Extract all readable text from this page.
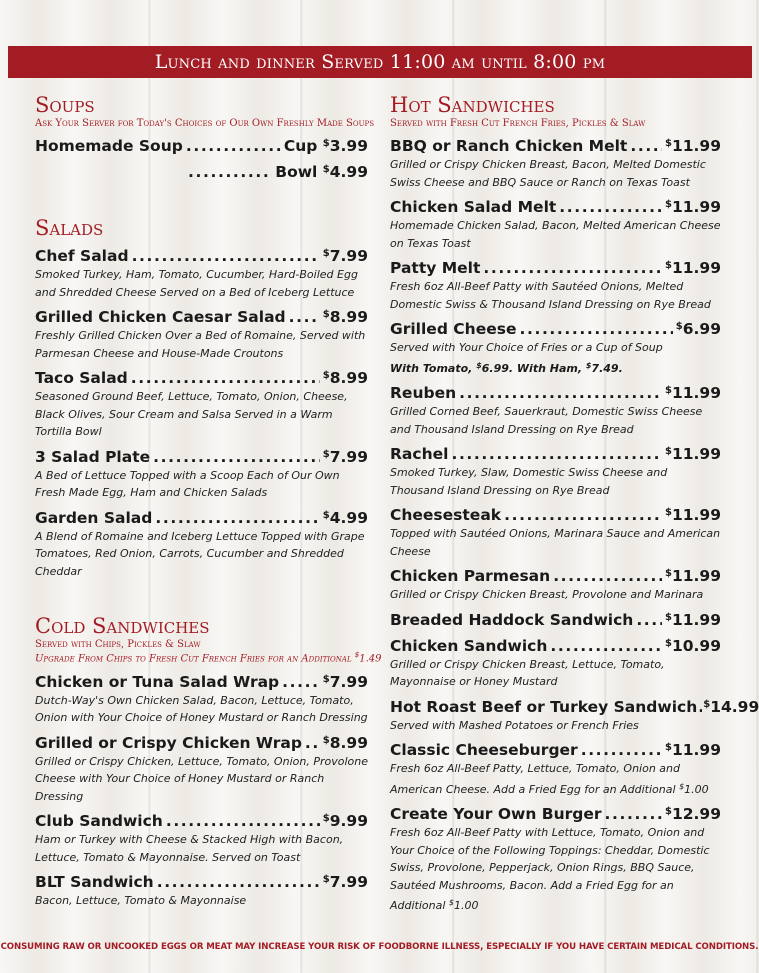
Lunch and dinner Served 11:00 am until 8:00 pm
Soups
Ask Your Server for Today's Choices of Our Own Freshly Made Soups
Homemade Soup .....	Cup $3.99
.....
Bowl $4.99
Salads
Chef Salad .....	$7.99
Smoked Turkey, Ham, Tomato, Cucumber, Hard-Boiled Egg and Shredded Cheese Served on a Bed of Iceberg Lettuce
Grilled Chicken Caesar Salad .....	$8.99
Freshly Grilled Chicken Over a Bed of Romaine, Served with Parmesan Cheese and House-Made Croutons
Taco Salad .....	$8.99
Seasoned Ground Beef, Lettuce, Tomato, Onion, Cheese, Black Olives, Sour Cream and Salsa Served in a Warm Tortilla Bowl
3 Salad Plate .....	$7.99
A Bed of Lettuce Topped with a Scoop Each of Our Own Fresh Made Egg, Ham and Chicken Salads
Garden Salad .....	$4.99
A Blend of Romaine and Iceberg Lettuce Topped with Grape Tomatoes, Red Onion, Carrots, Cucumber and Shredded Cheddar
Cold Sandwiches
Served with Chips, Pickles & Slaw
Upgrade From Chips to Fresh Cut French Fries for an Additional $1.49
Chicken or Tuna Salad Wrap .....	$7.99
Dutch-Way's Own Chicken Salad, Bacon, Lettuce, Tomato, Onion with Your Choice of Honey Mustard or Ranch Dressing
Grilled or Crispy Chicken Wrap ..... $8.99
Grilled or Crispy Chicken, Lettuce, Tomato, Onion, Provolone Cheese with Your Choice of Honey Mustard or Ranch Dressing
Club Sandwich .....	$9.99
Ham or Turkey with Cheese & Stacked High with Bacon, Lettuce, Tomato & Mayonnaise. Served on Toast
BLT Sandwich .....	$7.99
Bacon, Lettuce, Tomato & Mayonnaise
Hot Sandwiches
Served with Fresh Cut French Fries, Pickles & Slaw
BBQ or Ranch Chicken Melt .....	$11.99
Grilled or Crispy Chicken Breast, Bacon, Melted Domestic Swiss Cheese and BBQ Sauce or Ranch on Texas Toast
Chicken Salad Melt .....	$11.99
Homemade Chicken Salad, Bacon, Melted American Cheese on Texas Toast
Patty Melt .....	$11.99
Fresh 6oz All-Beef Patty with Sautéed Onions, Melted Domestic Swiss & Thousand Island Dressing on Rye Bread
Grilled Cheese .....	$6.99
Served with Your Choice of Fries or a Cup of Soup
With Tomato, $6.99. With Ham, $7.49.
Reuben .....	$11.99
Grilled Corned Beef, Sauerkraut, Domestic Swiss Cheese and Thousand Island Dressing on Rye Bread
Rachel .....	$11.99
Smoked Turkey, Slaw, Domestic Swiss Cheese and Thousand Island Dressing on Rye Bread
Cheesesteak .....	$11.99
Topped with Sautéed Onions, Marinara Sauce and American Cheese
Chicken Parmesan .....	$11.99
Grilled or Crispy Chicken Breast, Provolone and Marinara
Breaded Haddock Sandwich .....	$11.99
Chicken Sandwich .....	$10.99
Grilled or Crispy Chicken Breast, Lettuce, Tomato, Mayonnaise or Honey Mustard
Hot Roast Beef or Turkey Sandwich ..... $14.99
Served with Mashed Potatoes or French Fries
Classic Cheeseburger .....	$11.99
Fresh 6oz All-Beef Patty, Lettuce, Tomato, Onion and American Cheese. Add a Fried Egg for an Additional $1.00
Create Your Own Burger .....	$12.99
Fresh 6oz All-Beef Patty with Lettuce, Tomato, Onion and Your Choice of the Following Toppings: Cheddar, Domestic Swiss, Provolone, Pepperjack, Onion Rings, BBQ Sauce, Sautéed Mushrooms, Bacon. Add a Fried Egg for an Additional $1.00
CONSUMING RAW OR UNCOOKED EGGS OR MEAT MAY INCREASE YOUR RISK OF FOODBORNE ILLNESS, ESPECIALLY IF YOU HAVE CERTAIN MEDICAL CONDITIONS.
